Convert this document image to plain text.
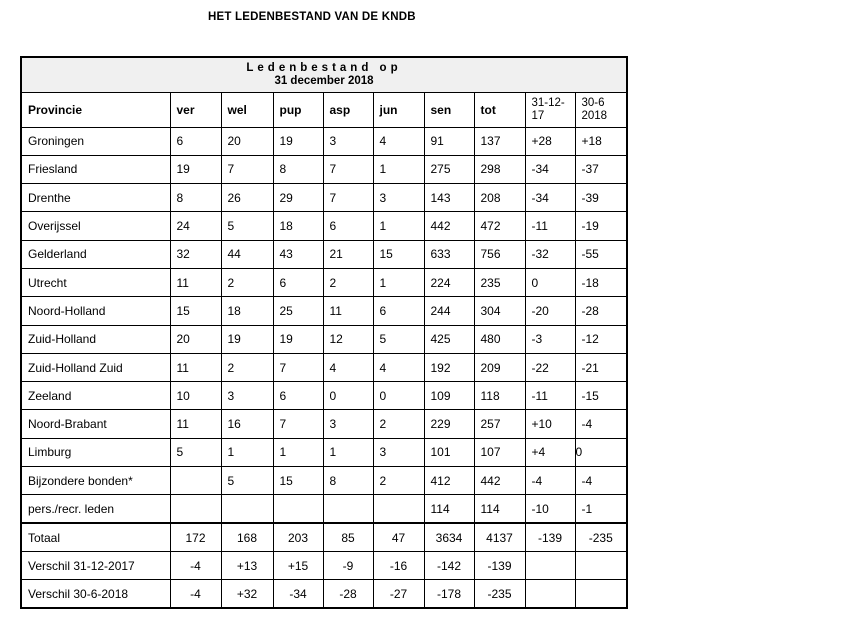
HET LEDENBESTAND VAN DE KNDB
Ledenbestand op
31 december 2018									

Provincie	ver	wel	pup	asp	jun	sen	tot	31-12-17	30-6 2018
Groningen	6	20	19	3	4	91	137	+28	+18
Friesland	19	7	8	7	1	275	298	-34	-37
Drenthe	8	26	29	7	3	143	208	-34	-39
Overijssel	24	5	18	6	1	442	472	-11	-19
Gelderland	32	44	43	21	15	633	756	-32	-55
Utrecht	11	2	6	2	1	224	235	0	-18
Noord-Holland	15	18	25	11	6	244	304	-20	-28
Zuid-Holland	20	19	19	12	5	425	480	-3	-12
Zuid-Holland Zuid	11	2	7	4	4	192	209	-22	-21
Zeeland	10	3	6	0	0	109	118	-11	-15
Noord-Brabant	11	16	7	3	2	229	257	+10	-4
Limburg	5	1	1	1	3	101	107	+4	0
Bijzondere bonden*		5	15	8	2	412	442	-4	-4
pers./recr. leden						114	114	-10	-1
Totaal	172	168	203	85	47	3634	4137	-139	-235
Verschil 31-12-2017	-4	+13	+15	-9	-16	-142	-139		
Verschil 30-6-2018	-4	+32	-34	-28	-27	-178	-235		
